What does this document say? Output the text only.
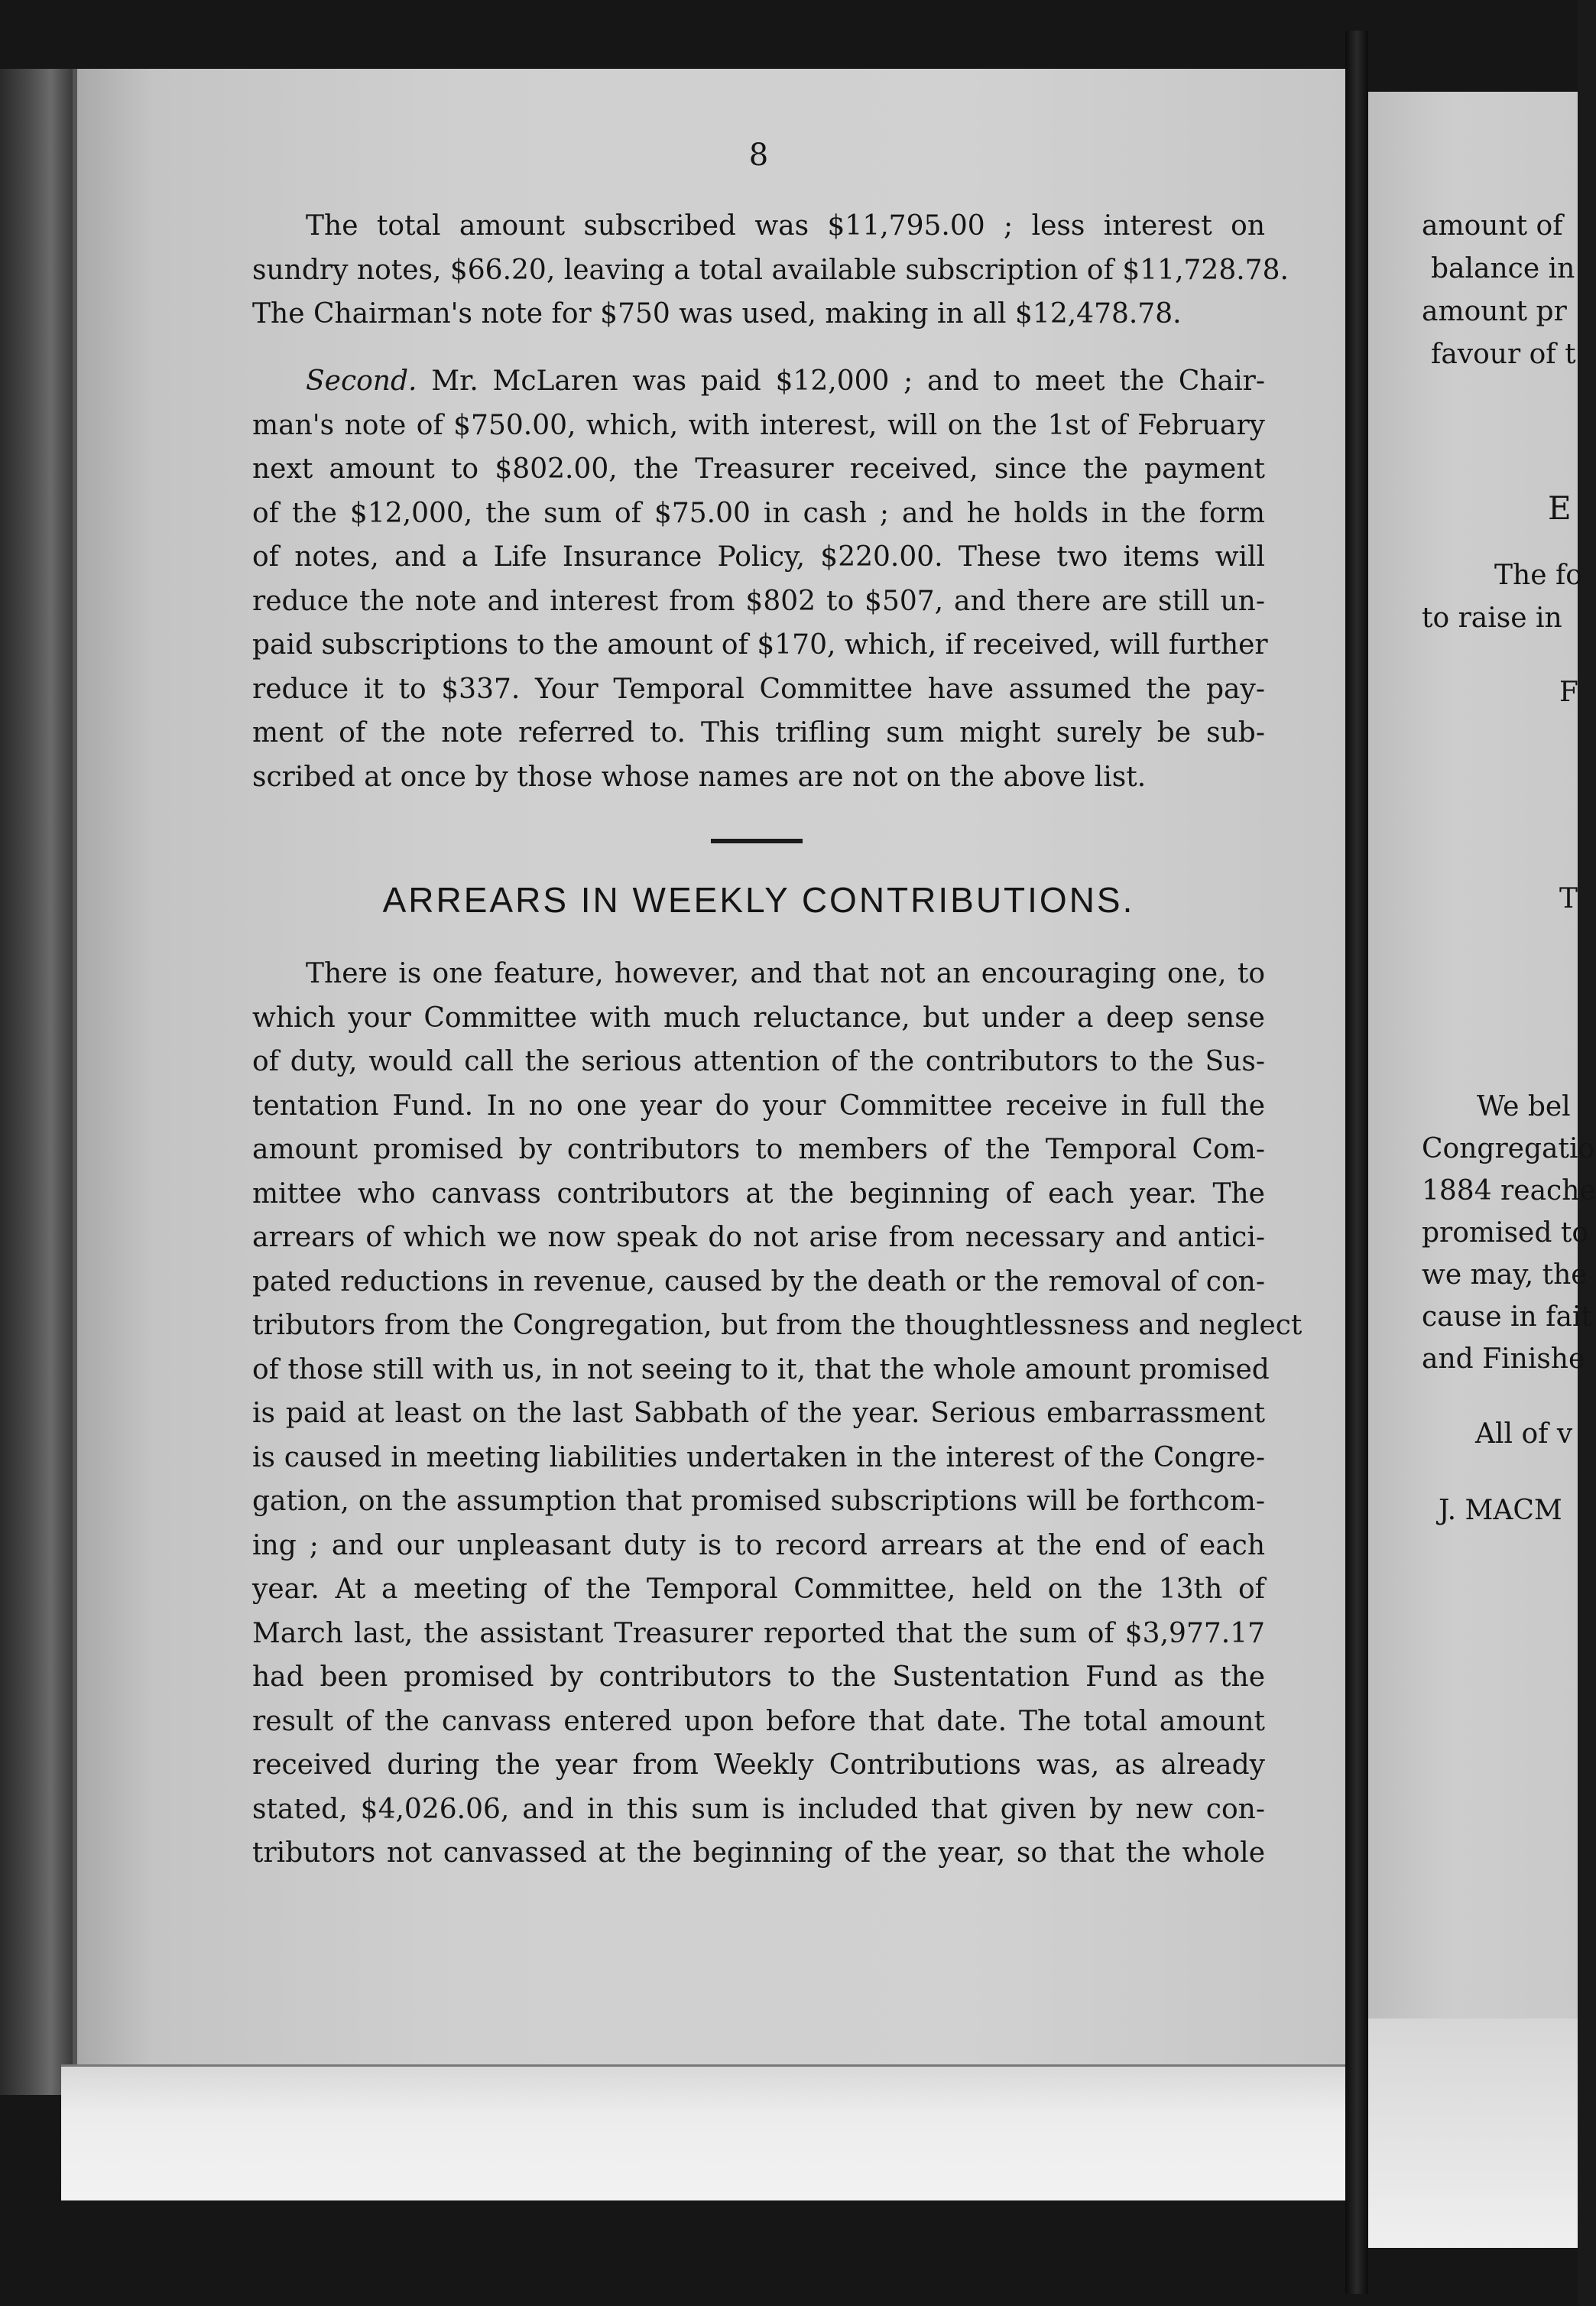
8

The total amount subscribed was $11,795.00 ; less interest on
sundry notes, $66.20, leaving a total available subscription of $11,728.78.
The Chairman's note for $750 was used, making in all $12,478.78.

Second. Mr. McLaren was paid $12,000 ; and to meet the Chair-
man's note of $750.00, which, with interest, will on the 1st of February
next amount to $802.00, the Treasurer received, since the payment
of the $12,000, the sum of $75.00 in cash ; and he holds in the form
of notes, and a Life Insurance Policy, $220.00. These two items will
reduce the note and interest from $802 to $507, and there are still un-
paid subscriptions to the amount of $170, which, if received, will further
reduce it to $337. Your Temporal Committee have assumed the pay-
ment of the note referred to. This trifling sum might surely be sub-
scribed at once by those whose names are not on the above list.

ARREARS IN WEEKLY CONTRIBUTIONS.

There is one feature, however, and that not an encouraging one, to
which your Committee with much reluctance, but under a deep sense
of duty, would call the serious attention of the contributors to the Sus-
tentation Fund. In no one year do your Committee receive in full the
amount promised by contributors to members of the Temporal Com-
mittee who canvass contributors at the beginning of each year. The
arrears of which we now speak do not arise from necessary and antici-
pated reductions in revenue, caused by the death or the removal of con-
tributors from the Congregation, but from the thoughtlessness and neglect
of those still with us, in not seeing to it, that the whole amount promised
is paid at least on the last Sabbath of the year. Serious embarrassment
is caused in meeting liabilities undertaken in the interest of the Congre-
gation, on the assumption that promised subscriptions will be forthcom-
ing ; and our unpleasant duty is to record arrears at the end of each
year. At a meeting of the Temporal Committee, held on the 13th of
March last, the assistant Treasurer reported that the sum of $3,977.17
had been promised by contributors to the Sustentation Fund as the
result of the canvass entered upon before that date. The total amount
received during the year from Weekly Contributions was, as already
stated, $4,026.06, and in this sum is included that given by new con-
tributors not canvassed at the beginning of the year, so that the whole

amount of
balance in
amount pr
favour of t
E
The fo
to raise in
F
T
We bel
Congregatio
1884 reache
promised to
we may, the
cause in fait
and Finishe
All of v
J. MACM
